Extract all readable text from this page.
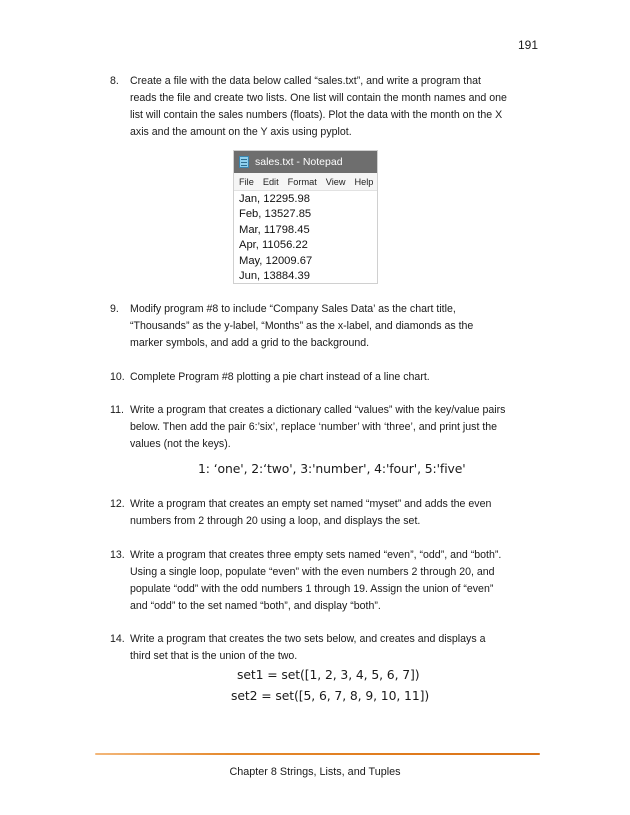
191
8. Create a file with the data below called “sales.txt”, and write a program that reads the file and create two lists. One list will contain the month names and one list will contain the sales numbers (floats). Plot the data with the month on the X axis and the amount on the Y axis using pyplot.
sales.txt - Notepad
File Edit Format View Help
Jan, 12295.98
Feb, 13527.85
Mar, 11798.45
Apr, 11056.22
May, 12009.67
Jun, 13884.39
9. Modify program #8 to include “Company Sales Data’ as the chart title, “Thousands” as the y-label, “Months” as the x-label, and diamonds as the marker symbols, and add a grid to the background.
10. Complete Program #8 plotting a pie chart instead of a line chart.
11. Write a program that creates a dictionary called “values” with the key/value pairs below. Then add the pair 6:’six’, replace ‘number’ with ‘three’, and print just the values (not the keys).
1: ‘one', 2:‘two', 3:'number', 4:'four', 5:'five'
12. Write a program that creates an empty set named “myset” and adds the even numbers from 2 through 20 using a loop, and displays the set.
13. Write a program that creates three empty sets named “even”, “odd”, and “both”. Using a single loop, populate “even” with the even numbers 2 through 20, and populate “odd” with the odd numbers 1 through 19. Assign the union of “even” and “odd” to the set named “both”, and display “both”.
14. Write a program that creates the two sets below, and creates and displays a third set that is the union of the two.
set1 = set([1, 2, 3, 4, 5, 6, 7])
set2 = set([5, 6, 7, 8, 9, 10, 11])
Chapter 8 Strings, Lists, and Tuples
